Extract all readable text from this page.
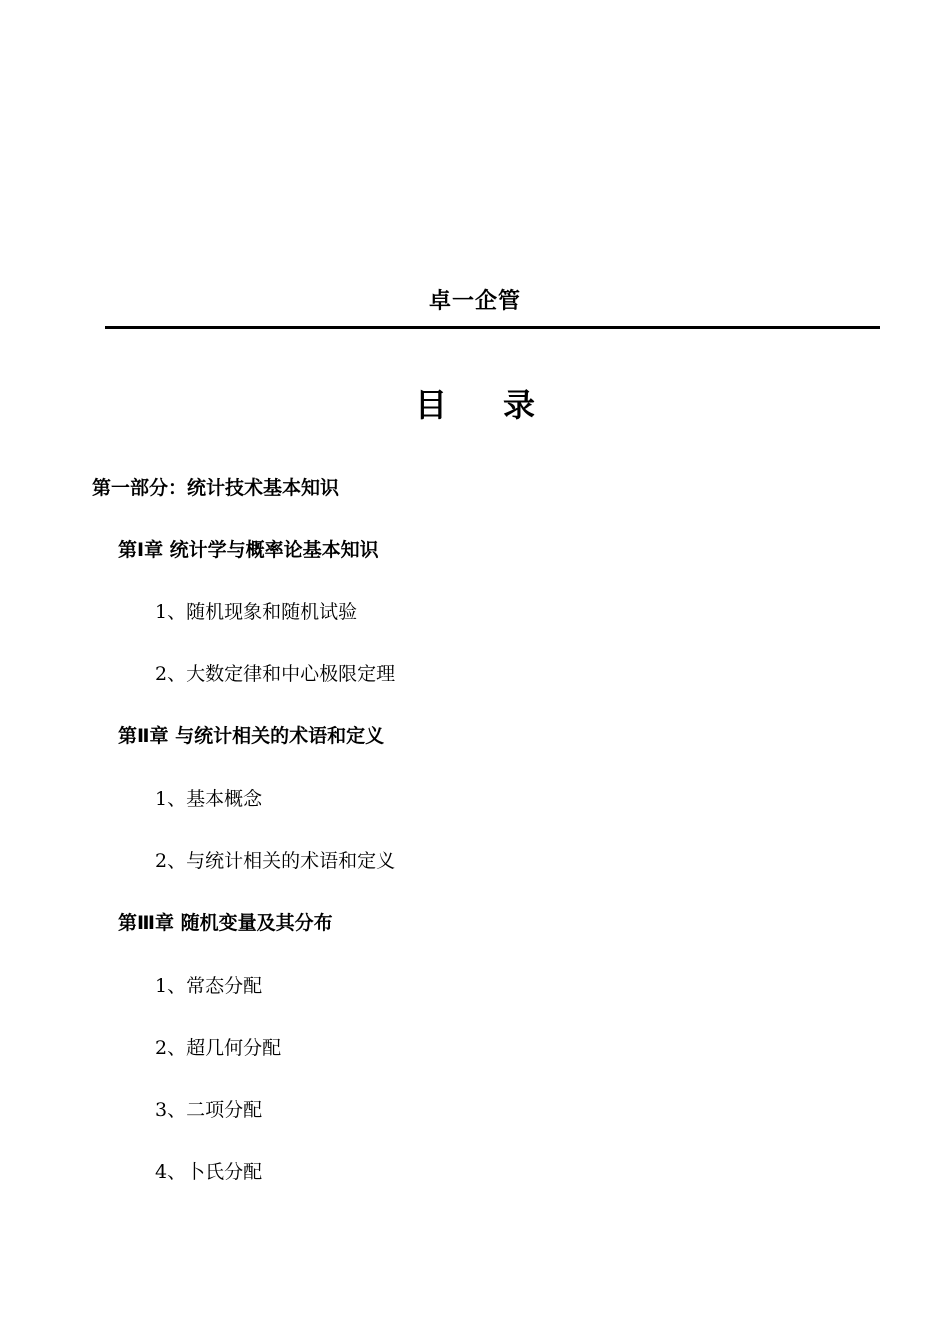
卓一企管
目录
第一部分：统计技术基本知识
第Ⅰ章 统计学与概率论基本知识
1、随机现象和随机试验
2、大数定律和中心极限定理
第Ⅱ章 与统计相关的术语和定义
1、基本概念
2、与统计相关的术语和定义
第Ⅲ章 随机变量及其分布
1、常态分配
2、超几何分配
3、二项分配
4、卜氏分配
